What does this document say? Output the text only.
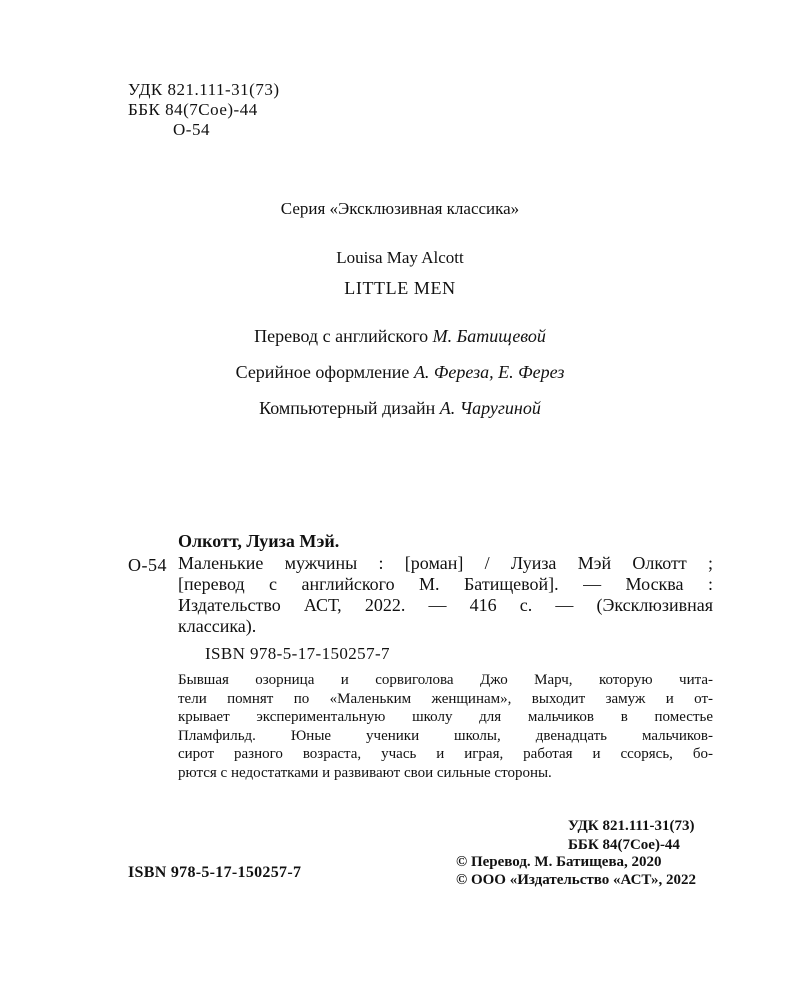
УДК 821.111-31(73)
ББК 84(7Сое)-44
О-54
Серия «Эксклюзивная классика»
Louisa May Alcott
LITTLE MEN
Перевод с английского М. Батищевой
Серийное оформление А. Фереза, Е. Ферез
Компьютерный дизайн А. Чаругиной
Олкотт, Луиза Мэй.
О-54 Маленькие мужчины : [роман] / Луиза Мэй Олкотт ;
[перевод с английского М. Батищевой]. — Москва :
Издательство АСТ, 2022. — 416 с. — (Эксклюзивная
классика).
ISBN 978-5-17-150257-7
Бывшая озорница и сорвиголова Джо Марч, которую чита-
тели помнят по «Маленьким женщинам», выходит замуж и от-
крывает экспериментальную школу для мальчиков в поместье
Пламфильд. Юные ученики школы, двенадцать мальчиков-
сирот разного возраста, учась и играя, работая и ссорясь, бо-
рются с недостатками и развивают свои сильные стороны.
УДК 821.111-31(73)
ББК 84(7Сое)-44
ISBN 978-5-17-150257-7
© Перевод. М. Батищева, 2020
© ООО «Издательство «АСТ», 2022
